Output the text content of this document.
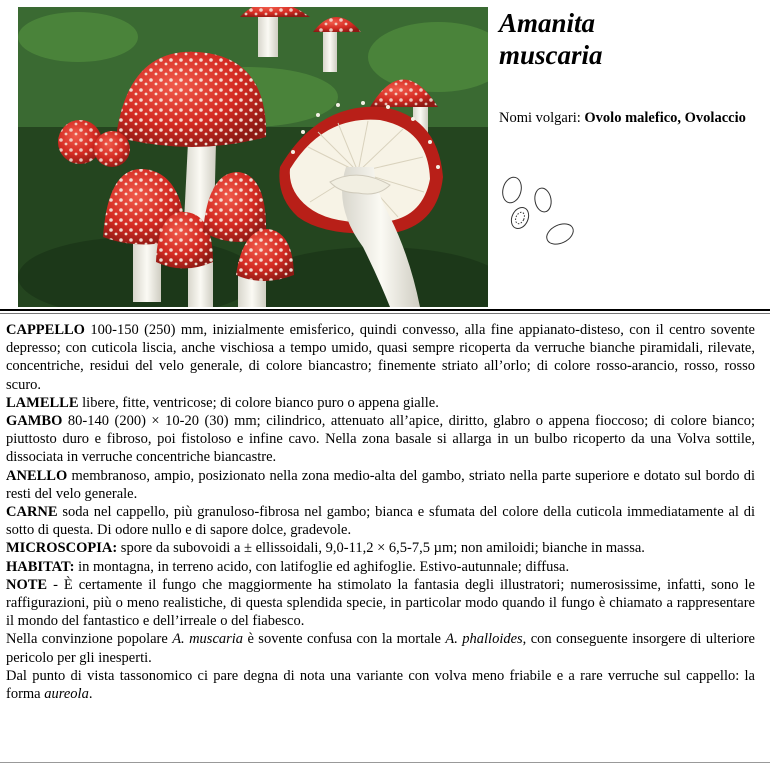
Amanita
muscaria
Nomi volgari: Ovolo malefico, Ovolaccio

CAPPELLO 100-150 (250) mm, inizialmente emisferico, quindi convesso, alla fine appianato-disteso, con il centro sovente depresso; con cuticola liscia, anche vischiosa a tempo umido, quasi sempre ricoperta da verruche bianche piramidali, rilevate, concentriche, residui del velo generale, di colore biancastro; finemente striato all’orlo; di colore rosso-arancio, rosso, rosso scuro.

LAMELLE libere, fitte, ventricose; di colore bianco puro o appena gialle.

GAMBO 80-140 (200) × 10-20 (30) mm; cilindrico, attenuato all’apice, diritto, glabro o appena fioccoso; di colore bianco; piuttosto duro e fibroso, poi fistoloso e infine cavo. Nella zona basale si allarga in un bulbo ricoperto da una Volva sottile, dissociata in verruche concentriche biancastre.

ANELLO membranoso, ampio, posizionato nella zona medio-alta del gambo, striato nella parte superiore e dotato sul bordo di resti del velo generale.

CARNE soda nel cappello, più granuloso-fibrosa nel gambo; bianca e sfumata del colore della cuticola immediatamente al di sotto di questa. Di odore nullo e di sapore dolce, gradevole.

MICROSCOPIA: spore da subovoidi a ± ellissoidali, 9,0-11,2 × 6,5-7,5 µm; non amiloidi; bianche in massa.

HABITAT: in montagna, in terreno acido, con latifoglie ed aghifoglie. Estivo-autunnale; diffusa.

NOTE - È certamente il fungo che maggiormente ha stimolato la fantasia degli illustratori; numerosissime, infatti, sono le raffigurazioni, più o meno realistiche, di questa splendida specie, in particolar modo quando il fungo è chiamato a rappresentare il mondo del fantastico e dell’irreale o del fiabesco.

Nella convinzione popolare A. muscaria è sovente confusa con la mortale A. phalloides, con conseguente insorgere di ulteriore pericolo per gli inesperti.

Dal punto di vista tassonomico ci pare degna di nota una variante con volva meno friabile e a rare verruche sul cappello: la forma aureola.
